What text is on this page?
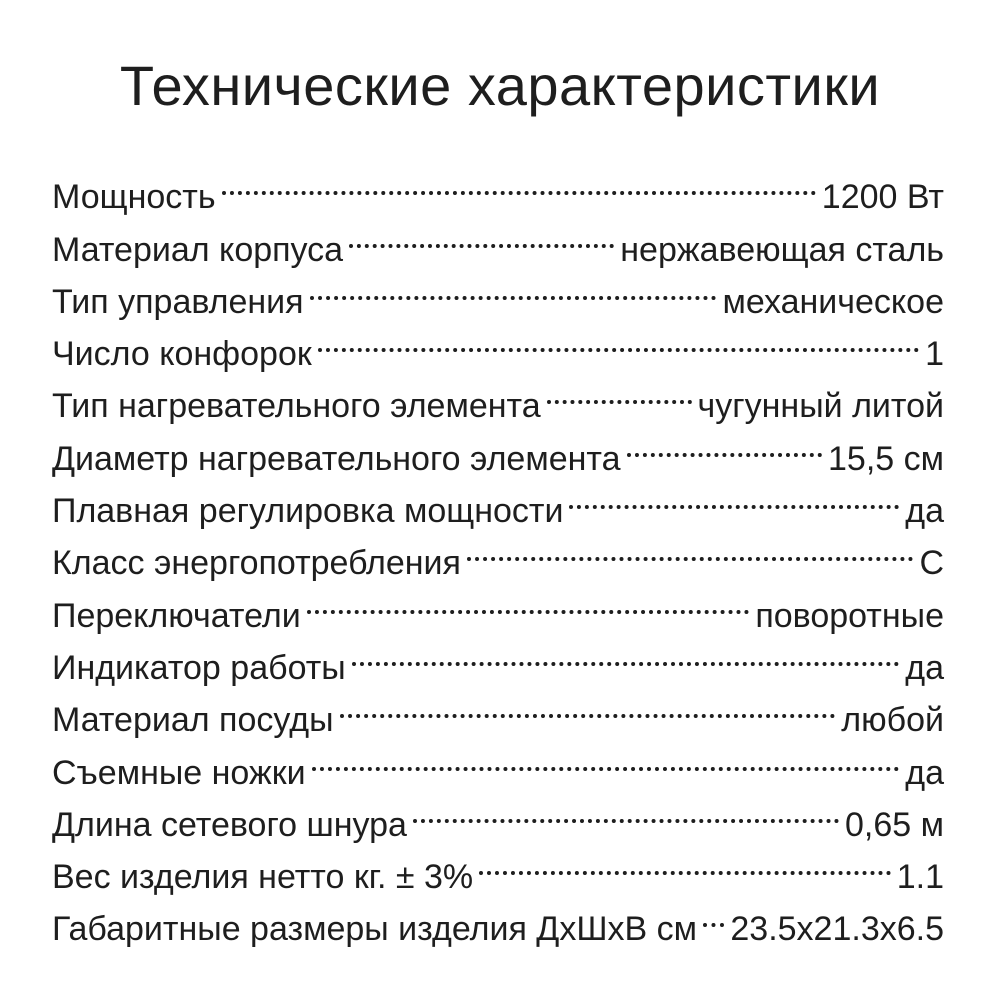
Технические характеристики
Мощность	1200 Вт
Материал корпуса	нержавеющая сталь
Тип управления	механическое
Число конфорок	1
Тип нагревательного элемента	чугунный литой
Диаметр нагревательного элемента	15,5 см
Плавная регулировка мощности	да
Класс энергопотребления	С
Переключатели	поворотные
Индикатор работы	да
Материал посуды	любой
Съемные ножки	да
Длина сетевого шнура	0,65 м
Вес изделия нетто кг. ± 3%	1.1
Габаритные размеры изделия ДхШхВ см 23.5х21.3х6.5
